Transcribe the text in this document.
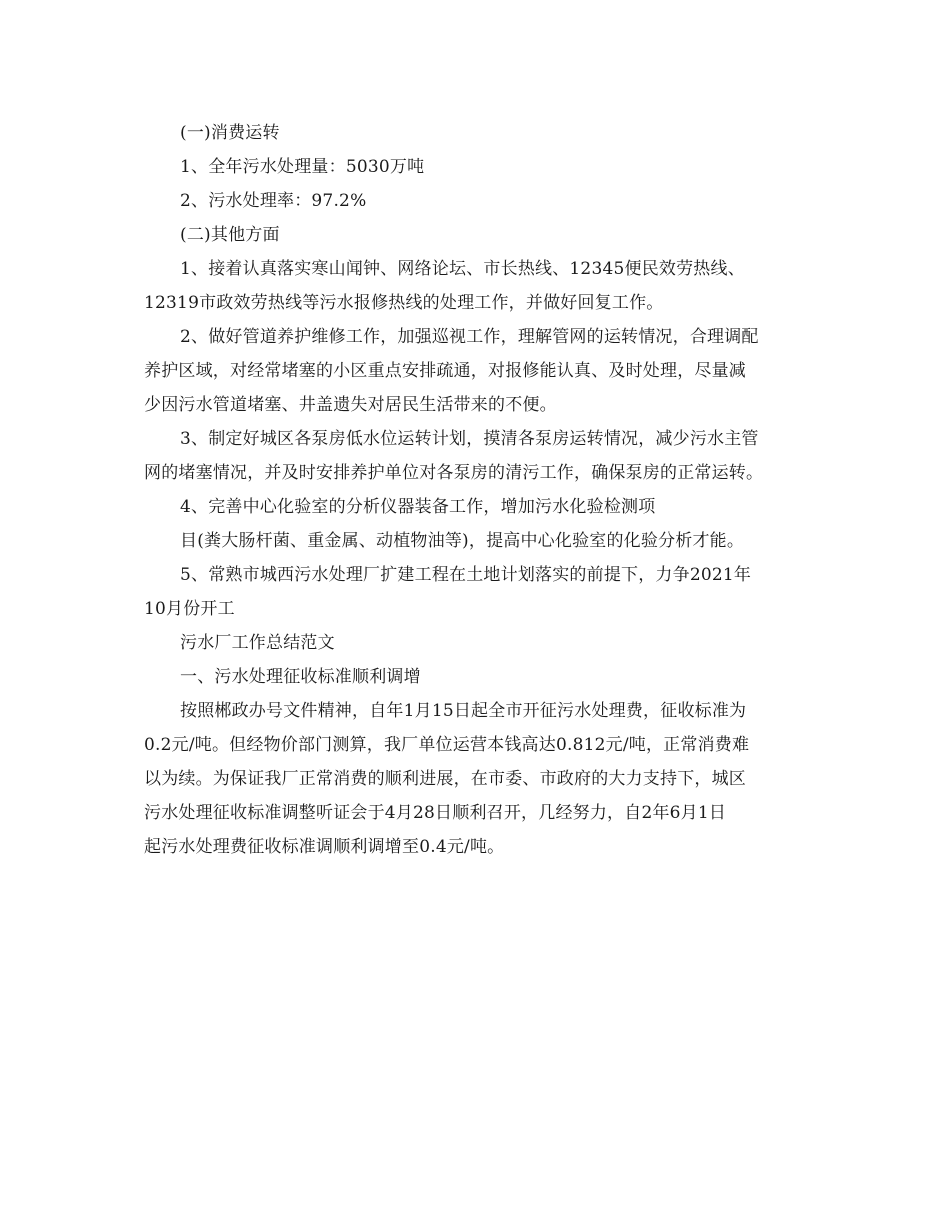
(一)消费运转
1、全年污水处理量：5030万吨
2、污水处理率：97.2%
(二)其他方面
1、接着认真落实寒山闻钟、网络论坛、市长热线、12345便民效劳热线、
12319市政效劳热线等污水报修热线的处理工作，并做好回复工作。
2、做好管道养护维修工作，加强巡视工作，理解管网的运转情况，合理调配
养护区域，对经常堵塞的小区重点安排疏通，对报修能认真、及时处理，尽量减
少因污水管道堵塞、井盖遗失对居民生活带来的不便。
3、制定好城区各泵房低水位运转计划，摸清各泵房运转情况，减少污水主管
网的堵塞情况，并及时安排养护单位对各泵房的清污工作，确保泵房的正常运转。
4、完善中心化验室的分析仪器装备工作，增加污水化验检测项
目(粪大肠杆菌、重金属、动植物油等)，提高中心化验室的化验分析才能。
5、常熟市城西污水处理厂扩建工程在土地计划落实的前提下，力争2021年
10月份开工
污水厂工作总结范文
一、污水处理征收标准顺利调增
按照郴政办号文件精神，自年1月15日起全市开征污水处理费，征收标准为
0.2元/吨。但经物价部门测算，我厂单位运营本钱高达0.812元/吨，正常消费难
以为续。为保证我厂正常消费的顺利进展，在市委、市政府的大力支持下，城区
污水处理征收标准调整听证会于4月28日顺利召开，几经努力，自2年6月1日
起污水处理费征收标准调顺利调增至0.4元/吨。
